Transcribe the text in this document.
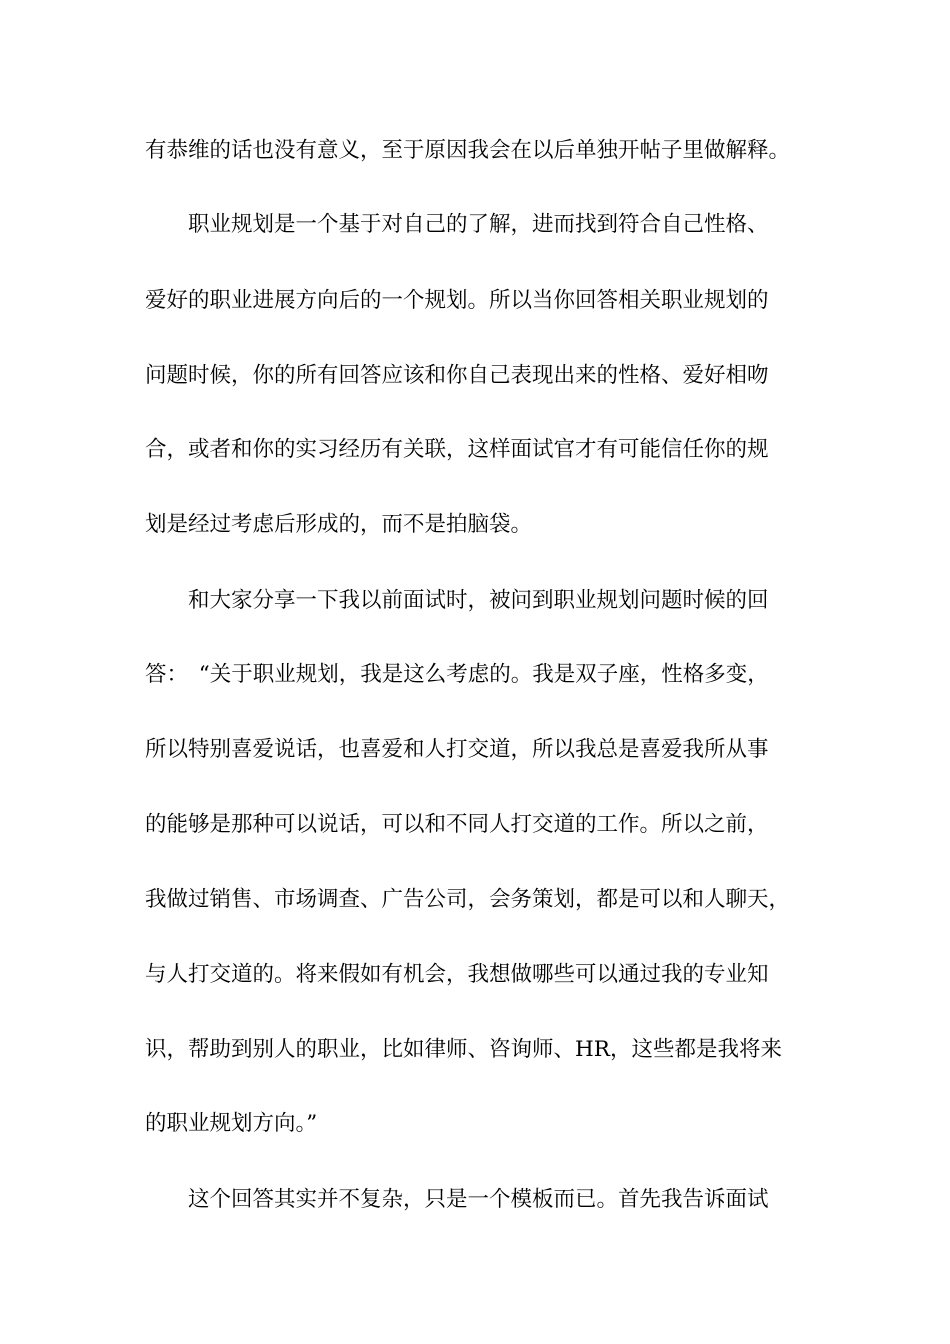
有恭维的话也没有意义，至于原因我会在以后单独开帖子里做解释。
职业规划是一个基于对自己的了解，进而找到符合自己性格、
爱好的职业进展方向后的一个规划。所以当你回答相关职业规划的
问题时候，你的所有回答应该和你自己表现出来的性格、爱好相吻
合，或者和你的实习经历有关联，这样面试官才有可能信任你的规
划是经过考虑后形成的，而不是拍脑袋。
和大家分享一下我以前面试时，被问到职业规划问题时候的回
答：　“关于职业规划，我是这么考虑的。我是双子座，性格多变，
所以特别喜爱说话，也喜爱和人打交道，所以我总是喜爱我所从事
的能够是那种可以说话，可以和不同人打交道的工作。所以之前，
我做过销售、市场调查、广告公司，会务策划，都是可以和人聊天，
与人打交道的。将来假如有机会，我想做哪些可以通过我的专业知
识，帮助到别人的职业，比如律师、咨询师、HR，这些都是我将来
的职业规划方向。”
这个回答其实并不复杂，只是一个模板而已。首先我告诉面试
